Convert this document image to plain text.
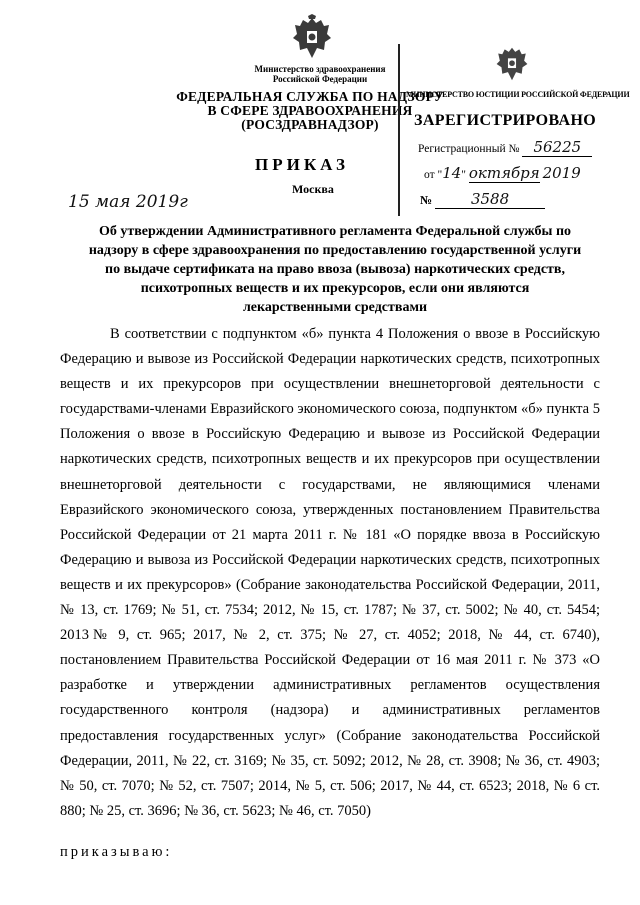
Министерство здравоохранения
Российской Федерации
ФЕДЕРАЛЬНАЯ СЛУЖБА ПО НАДЗОРУ
В СФЕРЕ ЗДРАВООХРАНЕНИЯ
(РОСЗДРАВНАДЗОР)
МИНИСТЕРСТВО ЮСТИЦИИ РОССИЙСКОЙ ФЕДЕРАЦИИ
ЗАРЕГИСТРИРОВАНО
Регистрационный № 56225
от "14" октября 2019
№	3588
ПРИКАЗ
Москва
15 мая 2019г
Об утверждении Административного регламента Федеральной службы по
надзору в сфере здравоохранения по предоставлению государственной услуги
по выдаче сертификата на право ввоза (вывоза) наркотических средств,
психотропных веществ и их прекурсоров, если они являются
лекарственными средствами

В соответствии с подпунктом «б» пункта 4 Положения о ввозе в Российскую Федерацию и вывозе из Российской Федерации наркотических средств, психотропных веществ и их прекурсоров при осуществлении внешнеторговой деятельности с государствами-членами Евразийского экономического союза, подпунктом «б» пункта 5 Положения о ввозе в Российскую Федерацию и вывозе из Российской Федерации наркотических средств, психотропных веществ и их прекурсоров при осуществлении внешнеторговой деятельности с государствами, не являющимися членами Евразийского экономического союза, утвержденных постановлением Правительства Российской Федерации от 21 марта 2011 г. № 181 «О порядке ввоза в Российскую Федерацию и вывоза из Российской Федерации наркотических средств, психотропных веществ и их прекурсоров» (Собрание законодательства Российской Федерации, 2011, № 13, ст. 1769; № 51, ст. 7534; 2012, № 15, ст. 1787; № 37, ст. 5002; № 40, ст. 5454; 2013№ 9, ст. 965; 2017, № 2, ст. 375; № 27, ст. 4052; 2018, № 44, ст. 6740), постановлением Правительства Российской Федерации от 16 мая 2011 г. № 373 «О разработке и утверждении административных регламентов осуществления государственного контроля (надзора) и административных регламентов предоставления государственных услуг» (Собрание законодательства Российской Федерации, 2011, № 22, ст. 3169; № 35, ст. 5092; 2012, № 28, ст. 3908; № 36, ст. 4903; № 50, ст. 7070; № 52, ст. 7507; 2014, № 5, ст. 506; 2017, № 44, ст. 6523; 2018, № 6 ст. 880; № 25, ст. 3696; № 36, ст. 5623; № 46, ст. 7050)

приказываю:
